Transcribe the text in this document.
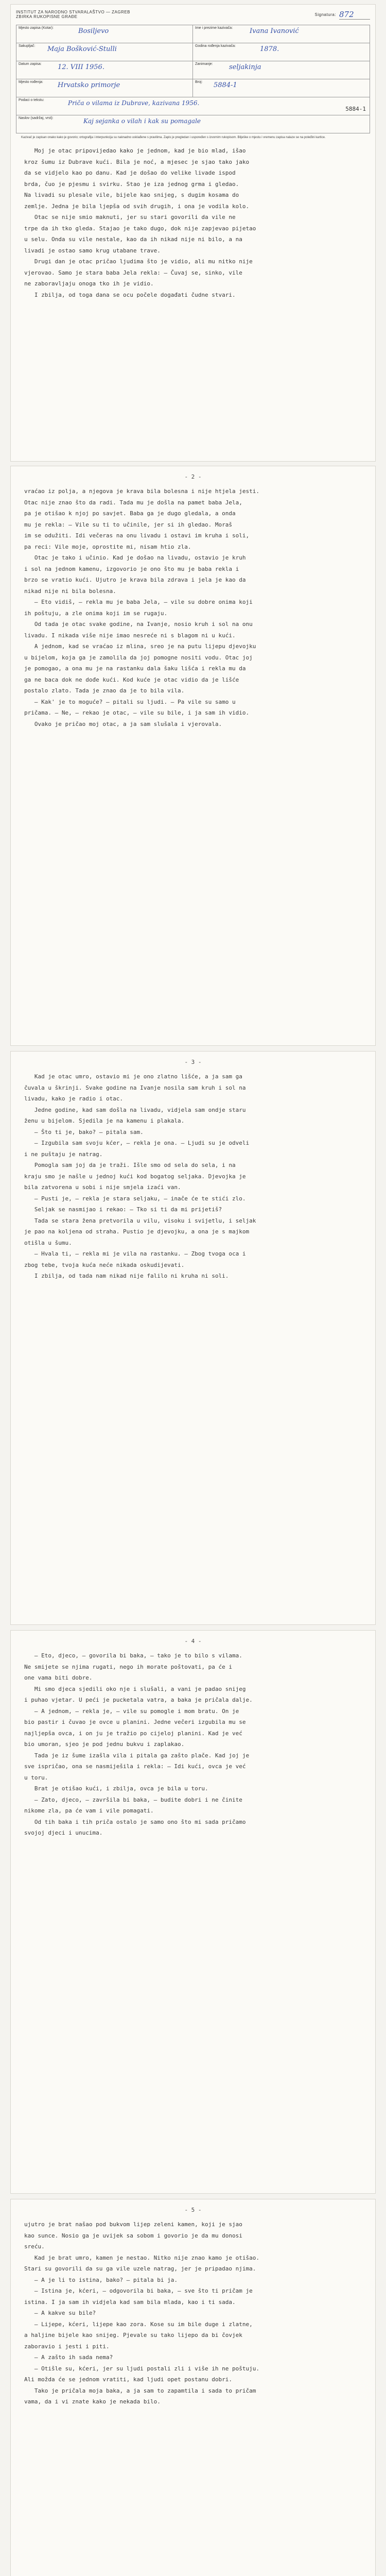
INSTITUT ZA NARODNO STVARALAŠTVO — ZAGREB
ZBIRKA RUKOPISNE GRAĐE	Signatura: 872
Mjesto zapisa (Kotar):	Bosiljevo	Ime i prezime kazivača:	Ivana Ivanović
Sakupljač: Maja Bošković-Stulli	Godina rođenja kazivača:	1878.
Datum zapisa: 12. VIII 1956.	Zanimanje: seljakinja
Mjesto rođenja: Hrvatsko primorje	Broj: 5884-1
Podaci o tekstu:	Priča o vilama iz Dubrave, kazivana 1956.
Naslov (sadržaj, vrst):	Kaj sejanka o vilah i kak su pomagale
Kazivač je zapisan onako kako je govorio; ortografija i interpunkcija su naknadno usklađene s pravilima. Zapis je pregledan i uspoređen s izvornim rukopisom. Bilješke o mjestu i vremenu zapisa nalaze se na poleđini kartice.
5884-1

Moj je otac pripovijedao kako je jednom, kad je bio mlad, išao
kroz šumu iz Dubrave kući. Bila je noć, a mjesec je sjao tako jako
da se vidjelo kao po danu. Kad je došao do velike livade ispod
brda, čuo je pjesmu i svirku. Stao je iza jednog grma i gledao.
Na livadi su plesale vile, bijele kao snijeg, s dugim kosama do
zemlje. Jedna je bila ljepša od svih drugih, i ona je vodila kolo.
Otac se nije smio maknuti, jer su stari govorili da vile ne
trpe da ih tko gleda. Stajao je tako dugo, dok nije zapjevao pijetao
u selu. Onda su vile nestale, kao da ih nikad nije ni bilo, a na
livadi je ostao samo krug utabane trave.
Drugi dan je otac pričao ljudima što je vidio, ali mu nitko nije
vjerovao. Samo je stara baba Jela rekla: — Čuvaj se, sinko, vile
ne zaboravljaju onoga tko ih je vidio.
I zbilja, od toga dana se ocu počele događati čudne stvari.

- 2 -

vraćao iz polja, a njegova je krava bila bolesna i nije htjela jesti.
Otac nije znao što da radi. Tada mu je došla na pamet baba Jela,
pa je otišao k njoj po savjet. Baba ga je dugo gledala, a onda
mu je rekla: — Vile su ti to učinile, jer si ih gledao. Moraš
im se odužiti. Idi večeras na onu livadu i ostavi im kruha i soli,
pa reci: Vile moje, oprostite mi, nisam htio zla.
Otac je tako i učinio. Kad je došao na livadu, ostavio je kruh
i sol na jednom kamenu, izgovorio je ono što mu je baba rekla i
brzo se vratio kući. Ujutro je krava bila zdrava i jela je kao da
nikad nije ni bila bolesna.
— Eto vidiš, — rekla mu je baba Jela, — vile su dobre onima koji
ih poštuju, a zle onima koji im se rugaju.
Od tada je otac svake godine, na Ivanje, nosio kruh i sol na onu
livadu. I nikada više nije imao nesreće ni s blagom ni u kući.
A jednom, kad se vraćao iz mlina, sreo je na putu lijepu djevojku
u bijelom, koja ga je zamolila da joj pomogne nositi vodu. Otac joj
je pomogao, a ona mu je na rastanku dala šaku lišća i rekla mu da
ga ne baca dok ne dođe kući. Kod kuće je otac vidio da je lišće
postalo zlato. Tada je znao da je to bila vila.
— Kak' je to moguće? — pitali su ljudi. — Pa vile su samo u
pričama. — Ne, — rekao je otac, — vile su bile, i ja sam ih vidio.
Ovako je pričao moj otac, a ja sam slušala i vjerovala.

- 3 -

Kad je otac umro, ostavio mi je ono zlatno lišće, a ja sam ga
čuvala u škrinji. Svake godine na Ivanje nosila sam kruh i sol na
livadu, kako je radio i otac.
Jedne godine, kad sam došla na livadu, vidjela sam ondje staru
ženu u bijelom. Sjedila je na kamenu i plakala.
— Što ti je, bako? — pitala sam.
— Izgubila sam svoju kćer, — rekla je ona. — Ljudi su je odveli
i ne puštaju je natrag.
Pomogla sam joj da je traži. Išle smo od sela do sela, i na
kraju smo je našle u jednoj kući kod bogatog seljaka. Djevojka je
bila zatvorena u sobi i nije smjela izaći van.
— Pusti je, — rekla je stara seljaku, — inače će te stići zlo.
Seljak se nasmijao i rekao: — Tko si ti da mi prijetiš?
Tada se stara žena pretvorila u vilu, visoku i svijetlu, i seljak
je pao na koljena od straha. Pustio je djevojku, a ona je s majkom
otišla u šumu.
— Hvala ti, — rekla mi je vila na rastanku. — Zbog tvoga oca i
zbog tebe, tvoja kuća neće nikada oskudijevati.
I zbilja, od tada nam nikad nije falilo ni kruha ni soli.

- 4 -

— Eto, djeco, — govorila bi baka, — tako je to bilo s vilama.
Ne smijete se njima rugati, nego ih morate poštovati, pa će i
one vama biti dobre.
Mi smo djeca sjedili oko nje i slušali, a vani je padao snijeg
i puhao vjetar. U peći je pucketala vatra, a baka je pričala dalje.
— A jednom, — rekla je, — vile su pomogle i mom bratu. On je
bio pastir i čuvao je ovce u planini. Jedne večeri izgubila mu se
najljepša ovca, i on ju je tražio po cijeloj planini. Kad je već
bio umoran, sjeo je pod jednu bukvu i zaplakao.
Tada je iz šume izašla vila i pitala ga zašto plače. Kad joj je
sve ispričao, ona se nasmiješila i rekla: — Idi kući, ovca je već
u toru.
Brat je otišao kući, i zbilja, ovca je bila u toru.
— Zato, djeco, — završila bi baka, — budite dobri i ne činite
nikome zla, pa će vam i vile pomagati.
Od tih baka i tih priča ostalo je samo ono što mi sada pričamo
svojoj djeci i unucima.

- 5 -

ujutro je brat našao pod bukvom lijep zeleni kamen, koji je sjao
kao sunce. Nosio ga je uvijek sa sobom i govorio je da mu donosi
sreću.
Kad je brat umro, kamen je nestao. Nitko nije znao kamo je otišao.
Stari su govorili da su ga vile uzele natrag, jer je pripadao njima.
— A je li to istina, bako? — pitala bi ja.
— Istina je, kćeri, — odgovorila bi baka, — sve što ti pričam je
istina. I ja sam ih vidjela kad sam bila mlada, kao i ti sada.
— A kakve su bile?
— Lijepe, kćeri, lijepe kao zora. Kose su im bile duge i zlatne,
a haljine bijele kao snijeg. Pjevale su tako lijepo da bi čovjek
zaboravio i jesti i piti.
— A zašto ih sada nema?
— Otišle su, kćeri, jer su ljudi postali zli i više ih ne poštuju.
Ali možda će se jednom vratiti, kad ljudi opet postanu dobri.
Tako je pričala moja baka, a ja sam to zapamtila i sada to pričam
vama, da i vi znate kako je nekada bilo.
